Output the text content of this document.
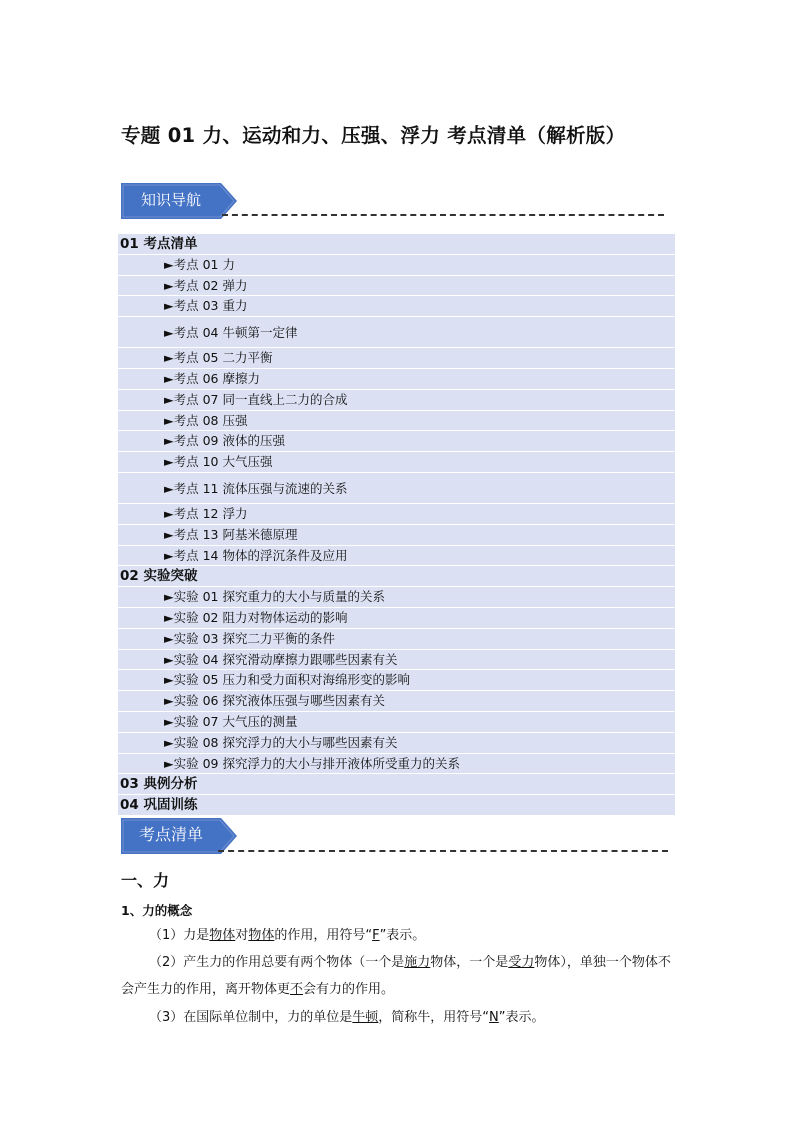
专题 01 力、运动和力、压强、浮力 考点清单（解析版）
知识导航
01 考点清单
►考点 01 力
►考点 02 弹力
►考点 03 重力
►考点 04 牛顿第一定律
►考点 05 二力平衡
►考点 06 摩擦力
►考点 07 同一直线上二力的合成
►考点 08 压强
►考点 09 液体的压强
►考点 10 大气压强
►考点 11 流体压强与流速的关系
►考点 12 浮力
►考点 13 阿基米德原理
►考点 14 物体的浮沉条件及应用
02 实验突破
►实验 01 探究重力的大小与质量的关系
►实验 02 阻力对物体运动的影响
►实验 03 探究二力平衡的条件
►实验 04 探究滑动摩擦力跟哪些因素有关
►实验 05 压力和受力面积对海绵形变的影响
►实验 06 探究液体压强与哪些因素有关
►实验 07 大气压的测量
►实验 08 探究浮力的大小与哪些因素有关
►实验 09 探究浮力的大小与排开液体所受重力的关系
03 典例分析
04 巩固训练
考点清单
一、力
1、力的概念
（1）力是物体对物体的作用，用符号“F”表示。
（2）产生力的作用总要有两个物体（一个是施力物体，一个是受力物体），单独一个物体不会产生力的作用，离开物体更不会有力的作用。
（3）在国际单位制中，力的单位是牛顿，简称牛，用符号“N”表示。
